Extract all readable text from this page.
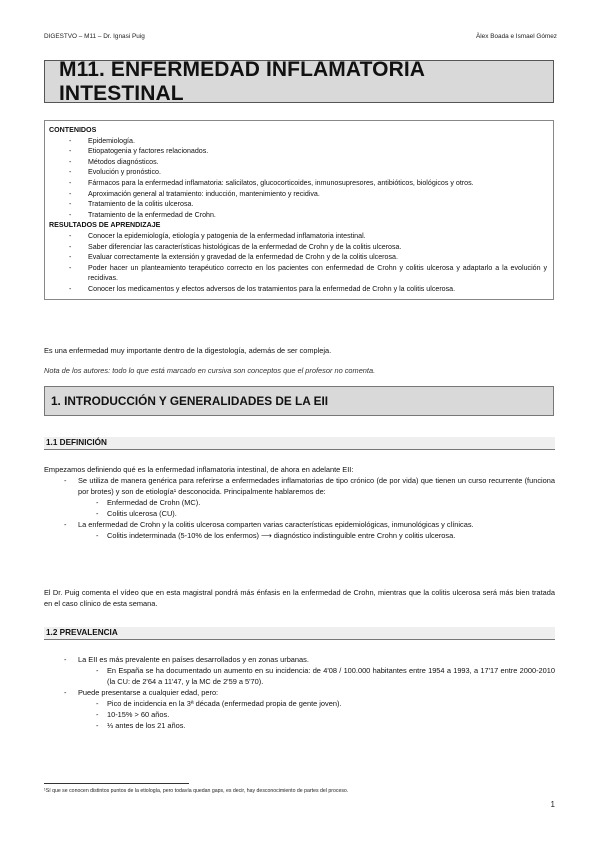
DIGESTVO – M11 – Dr. Ignasi Puig	Àlex Boada e Ismael Gómez
M11. ENFERMEDAD INFLAMATORIA INTESTINAL
CONTENIDOS
- Epidemiología.
- Etiopatogenia y factores relacionados.
- Métodos diagnósticos.
- Evolución y pronóstico.
- Fármacos para la enfermedad inflamatoria: salicilatos, glucocorticoides, inmunosupresores, antibióticos, biológicos y otros.
- Aproximación general al tratamiento: inducción, mantenimiento y recidiva.
- Tratamiento de la colitis ulcerosa.
- Tratamiento de la enfermedad de Crohn.
RESULTADOS DE APRENDIZAJE
- Conocer la epidemiología, etiología y patogenia de la enfermedad inflamatoria intestinal.
- Saber diferenciar las características histológicas de la enfermedad de Crohn y de la colitis ulcerosa.
- Evaluar correctamente la extensión y gravedad de la enfermedad de Crohn y de la colitis ulcerosa.
- Poder hacer un planteamiento terapéutico correcto en los pacientes con enfermedad de Crohn y colitis ulcerosa y adaptarlo a la evolución y recidivas.
- Conocer los medicamentos y efectos adversos de los tratamientos para la enfermedad de Crohn y la colitis ulcerosa.
Es una enfermedad muy importante dentro de la digestología, además de ser compleja.
Nota de los autores: todo lo que está marcado en cursiva son conceptos que el profesor no comenta.
1. INTRODUCCIÓN Y GENERALIDADES DE LA EII
1.1 DEFINICIÓN
Empezamos definiendo qué es la enfermedad inflamatoria intestinal, de ahora en adelante EII:
- Se utiliza de manera genérica para referirse a enfermedades inflamatorias de tipo crónico (de por vida) que tienen un curso recurrente (funciona por brotes) y son de etiología¹ desconocida. Principalmente hablaremos de:
- Enfermedad de Crohn (MC).
- Colitis ulcerosa (CU).
- La enfermedad de Crohn y la colitis ulcerosa comparten varias características epidemiológicas, inmunológicas y clínicas.
- Colitis indeterminada (5-10% de los enfermos) ⟶ diagnóstico indistinguible entre Crohn y colitis ulcerosa.
El Dr. Puig comenta el vídeo que en esta magistral pondrá más énfasis en la enfermedad de Crohn, mientras que la colitis ulcerosa será más bien tratada en el caso clínico de esta semana.
1.2 PREVALENCIA
- La EII es más prevalente en países desarrollados y en zonas urbanas.
- En España se ha documentado un aumento en su incidencia: de 4'08 / 100.000 habitantes entre 1954 a 1993, a 17'17 entre 2000-2010 (la CU: de 2'64 a 11'47, y la MC de 2'59 a 5'70).
- Puede presentarse a cualquier edad, pero:
- Pico de incidencia en la 3ª década (enfermedad propia de gente joven).
- 10-15% > 60 años.
- ⅓ antes de los 21 años.
¹Sí que se conocen distintos puntos de la etiología, pero todavía quedan gaps, es decir, hay desconocimiento de partes del proceso.
1
